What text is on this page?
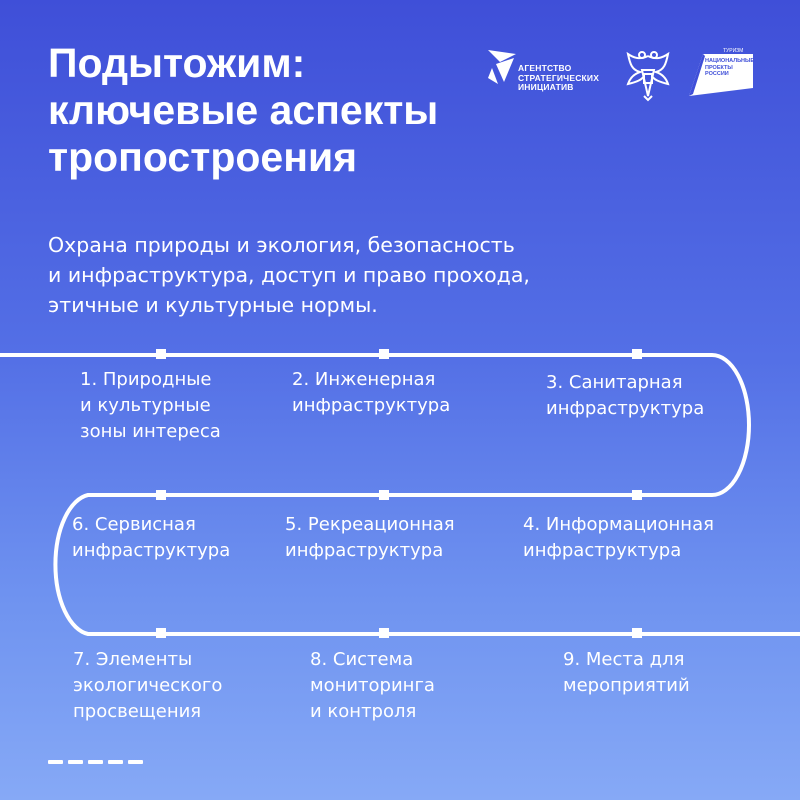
Подытожим:
ключевые аспекты
тропостроения
АГЕНТСТВО
СТРАТЕГИЧЕСКИХ
ИНИЦИАТИВ
ТУРИЗМ
НАЦИОНАЛЬНЫЕ
ПРОЕКТЫ
РОССИИ

Охрана природы и экология, безопасность
и инфраструктура, доступ и право прохода,
этичные и культурные нормы.

1. Природные
и культурные
зоны интереса
2. Инженерная
инфраструктура
3. Санитарная
инфраструктура
4. Информационная
инфраструктура
5. Рекреационная
инфраструктура
6. Сервисная
инфраструктура
7. Элементы
экологического
просвещения
8. Система
мониторинга
и контроля
9. Места для
мероприятий
